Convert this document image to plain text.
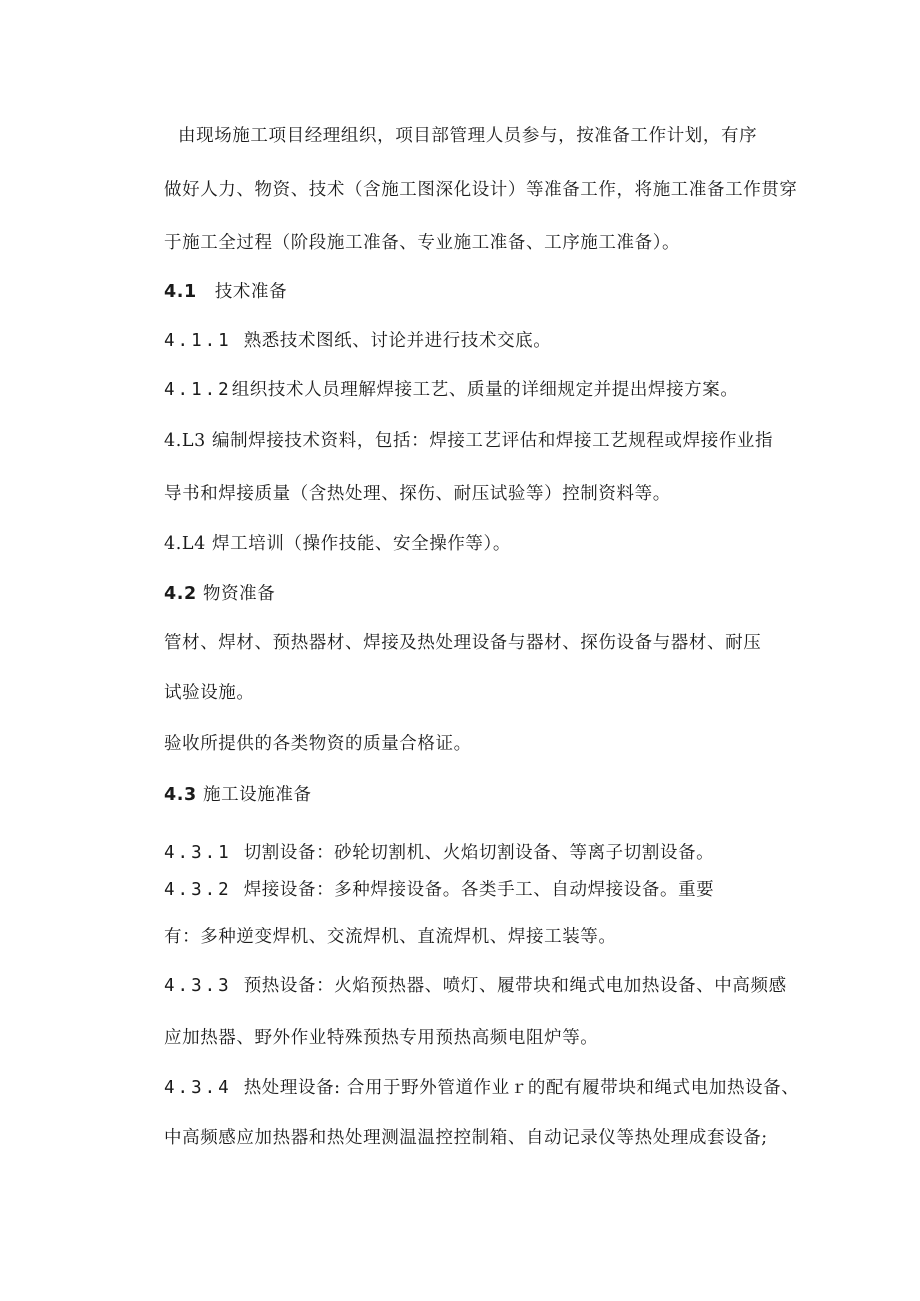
由现场施工项目经理组织，项目部管理人员参与，按准备工作计划，有序
做好人力、物资、技术（含施工图深化设计）等准备工作，将施工准备工作贯穿
于施工全过程（阶段施工准备、专业施工准备、工序施工准备）。
4.1 技术准备
4.1.1 熟悉技术图纸、讨论并进行技术交底。
4.1.2组织技术人员理解焊接工艺、质量的详细规定并提出焊接方案。
4.L3 编制焊接技术资料，包括：焊接工艺评估和焊接工艺规程或焊接作业指
导书和焊接质量（含热处理、探伤、耐压试验等）控制资料等。
4.L4 焊工培训（操作技能、安全操作等）。
4.2 物资准备
管材、焊材、预热器材、焊接及热处理设备与器材、探伤设备与器材、耐压
试验设施。
验收所提供的各类物资的质量合格证。
4.3 施工设施准备
4.3.1 切割设备：砂轮切割机、火焰切割设备、等离子切割设备。
4.3.2 焊接设备：多种焊接设备。各类手工、自动焊接设备。重要
有：多种逆变焊机、交流焊机、直流焊机、焊接工装等。
4.3.3 预热设备：火焰预热器、喷灯、履带块和绳式电加热设备、中高频感
应加热器、野外作业特殊预热专用预热高频电阻炉等。
4.3.4 热处理设备: 合用于野外管道作业ｒ的配有履带块和绳式电加热设备、
中高频感应加热器和热处理测温温控控制箱、自动记录仪等热处理成套设备;
